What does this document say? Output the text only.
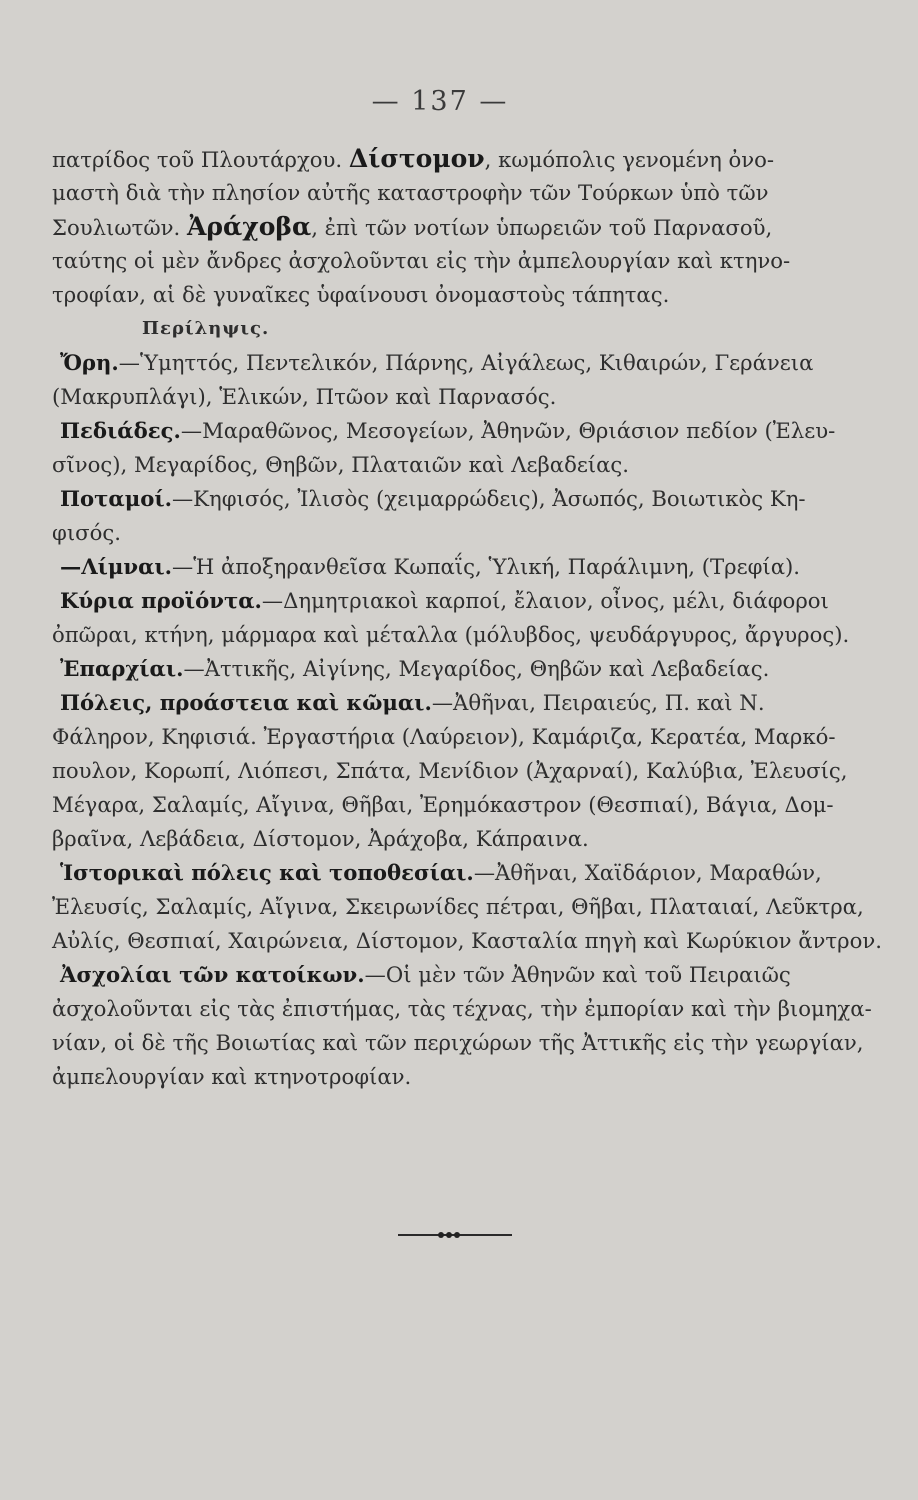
— 137 —
πατρίδος τοῦ Πλουτάρχου. Δίστομον, κωμόπολις γενομένη ὀνο-
μαστὴ διὰ τὴν πλησίον αὐτῆς καταστροφὴν τῶν Τούρκων ὑπὸ τῶν
Σουλιωτῶν. Ἀράχοβα, ἐπὶ τῶν νοτίων ὑπωρειῶν τοῦ Παρνασοῦ,
ταύτης οἱ μὲν ἄνδρες ἀσχολοῦνται εἰς τὴν ἀμπελουργίαν καὶ κτηνο-
τροφίαν, αἱ δὲ γυναῖκες ὑφαίνουσι ὀνομαστοὺς τάπητας.
Περίληψις.
Ὄρη.—Ὑμηττός, Πεντελικόν, Πάρνης, Αἰγάλεως, Κιθαιρών, Γεράνεια
(Μακρυπλάγι), Ἑλικών, Πτῶον καὶ Παρνασός.
Πεδιάδες.—Μαραθῶνος, Μεσογείων, Ἀθηνῶν, Θριάσιον πεδίον (Ἐλευ-
σῖνος), Μεγαρίδος, Θηβῶν, Πλαταιῶν καὶ Λεβαδείας.
Ποταμοί.—Κηφισός, Ἰλισὸς (χειμαρρώδεις), Ἀσωπός, Βοιωτικὸς Κη-
φισός.
—Λίμναι.—Ἡ ἀποξηρανθεῖσα Κωπαΐς, Ὑλική, Παράλιμνη, (Τρεφία).
Κύρια προϊόντα.—Δημητριακοὶ καρποί, ἔλαιον, οἶνος, μέλι, διάφοροι
ὀπῶραι, κτήνη, μάρμαρα καὶ μέταλλα (μόλυβδος, ψευδάργυρος, ἄργυρος).
Ἐπαρχίαι.—Ἀττικῆς, Αἰγίνης, Μεγαρίδος, Θηβῶν καὶ Λεβαδείας.
Πόλεις, προάστεια καὶ κῶμαι.—Ἀθῆναι, Πειραιεύς, Π. καὶ Ν.
Φάληρον, Κηφισιά. Ἐργαστήρια (Λαύρειον), Καμάριζα, Κερατέα, Μαρκό-
πουλον, Κορωπί, Λιόπεσι, Σπάτα, Μενίδιον (Ἀχαρναί), Καλύβια, Ἐλευσίς,
Μέγαρα, Σαλαμίς, Αἴγινα, Θῆβαι, Ἐρημόκαστρον (Θεσπιαί), Βάγια, Δομ-
βραῖνα, Λεβάδεια, Δίστομον, Ἀράχοβα, Κάπραινα.
Ἱστορικαὶ πόλεις καὶ τοποθεσίαι.—Ἀθῆναι, Χαϊδάριον, Μαραθών,
Ἐλευσίς, Σαλαμίς, Αἴγινα, Σκειρωνίδες πέτραι, Θῆβαι, Πλαταιαί, Λεῦκτρα,
Αὐλίς, Θεσπιαί, Χαιρώνεια, Δίστομον, Κασταλία πηγὴ καὶ Κωρύκιον ἄντρον.
Ἀσχολίαι τῶν κατοίκων.—Οἱ μὲν τῶν Ἀθηνῶν καὶ τοῦ Πειραιῶς
ἀσχολοῦνται εἰς τὰς ἐπιστήμας, τὰς τέχνας, τὴν ἐμπορίαν καὶ τὴν βιομηχα-
νίαν, οἱ δὲ τῆς Βοιωτίας καὶ τῶν περιχώρων τῆς Ἀττικῆς εἰς τὴν γεωργίαν,
ἀμπελουργίαν καὶ κτηνοτροφίαν.
